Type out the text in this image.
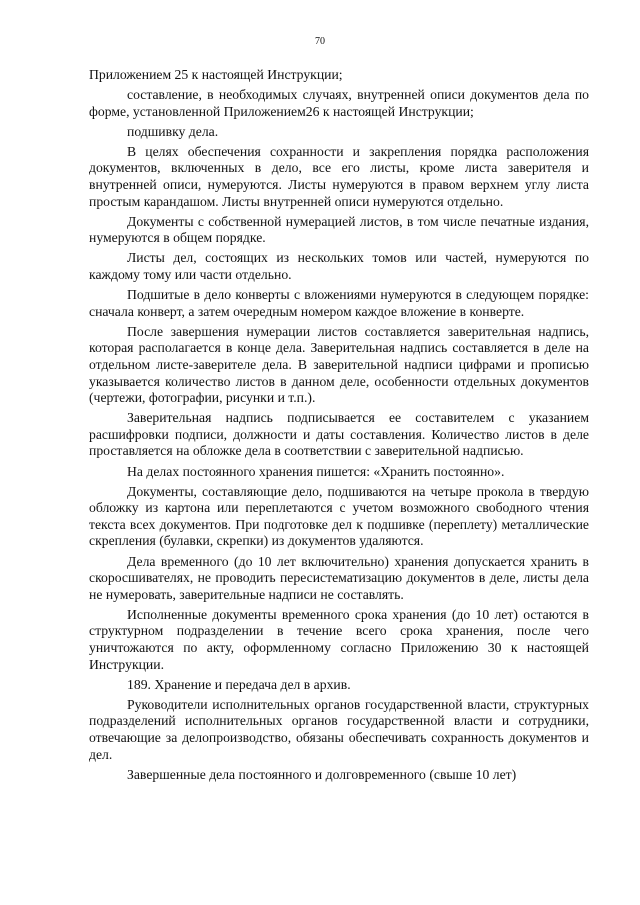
70

Приложением 25 к настоящей Инструкции;

составление, в необходимых случаях, внутренней описи документов дела по форме, установленной Приложением26 к настоящей Инструкции;

подшивку дела.

В целях обеспечения сохранности и закрепления порядка расположения документов, включенных в дело, все его листы, кроме листа заверителя и внутренней описи, нумеруются. Листы нумеруются в правом верхнем углу листа простым карандашом. Листы внутренней описи нумеруются отдельно.

Документы с собственной нумерацией листов, в том числе печатные издания, нумеруются в общем порядке.

Листы дел, состоящих из нескольких томов или частей, нумеруются по каждому тому или части отдельно.

Подшитые в дело конверты с вложениями нумеруются в следующем порядке: сначала конверт, а затем очередным номером каждое вложение в конверте.

После завершения нумерации листов составляется заверительная надпись, которая располагается в конце дела. Заверительная надпись составляется в деле на отдельном листе-заверителе дела. В заверительной надписи цифрами и прописью указывается количество листов в данном деле, особенности отдельных документов (чертежи, фотографии, рисунки и т.п.).

Заверительная надпись подписывается ее составителем с указанием расшифровки подписи, должности и даты составления. Количество листов в деле проставляется на обложке дела в соответствии с заверительной надписью.

На делах постоянного хранения пишется: «Хранить постоянно».

Документы, составляющие дело, подшиваются на четыре прокола в твердую обложку из картона или переплетаются с учетом возможного свободного чтения текста всех документов. При подготовке дел к подшивке (переплету) металлические скрепления (булавки, скрепки) из документов удаляются.

Дела временного (до 10 лет включительно) хранения допускается хранить в скоросшивателях, не проводить пересистематизацию документов в деле, листы дела не нумеровать, заверительные надписи не составлять.

Исполненные документы временного срока хранения (до 10 лет) остаются в структурном подразделении в течение всего срока хранения, после чего уничтожаются по акту, оформленному согласно Приложению 30 к настоящей Инструкции.

189. Хранение и передача дел в архив.

Руководители исполнительных органов государственной власти, структурных подразделений исполнительных органов государственной власти и сотрудники, отвечающие за делопроизводство, обязаны обеспечивать сохранность документов и дел.

Завершенные дела постоянного и долговременного (свыше 10 лет)
